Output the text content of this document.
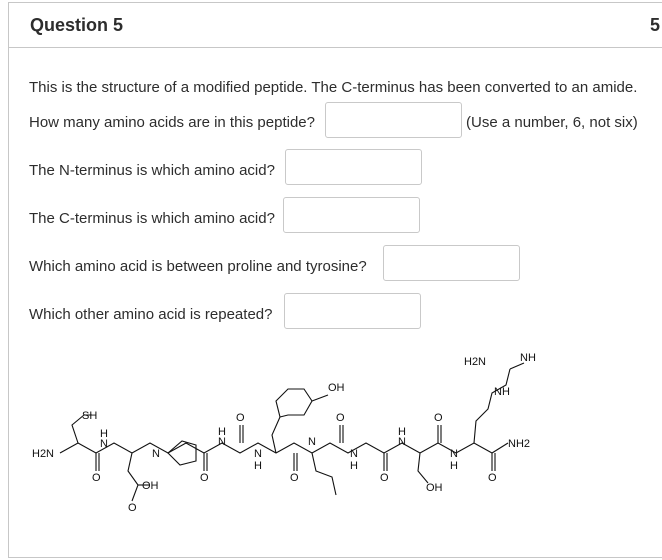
Question 5	5
This is the structure of a modified peptide. The C-terminus has been converted to an amide.
How many amino acids are in this peptide?	(Use a number, 6, not six)
The N-terminus is which amino acid?
The C-terminus is which amino acid?
Which amino acid is between proline and tyrosine?
Which other amino acid is repeated?
H2N
SH
O
H
N
O
OH
N
O
H
N
O
N
H
OH
O
N
O
N
H
O
H
N
OH
O
N
H
O
NH2
NH
H2N	NH
